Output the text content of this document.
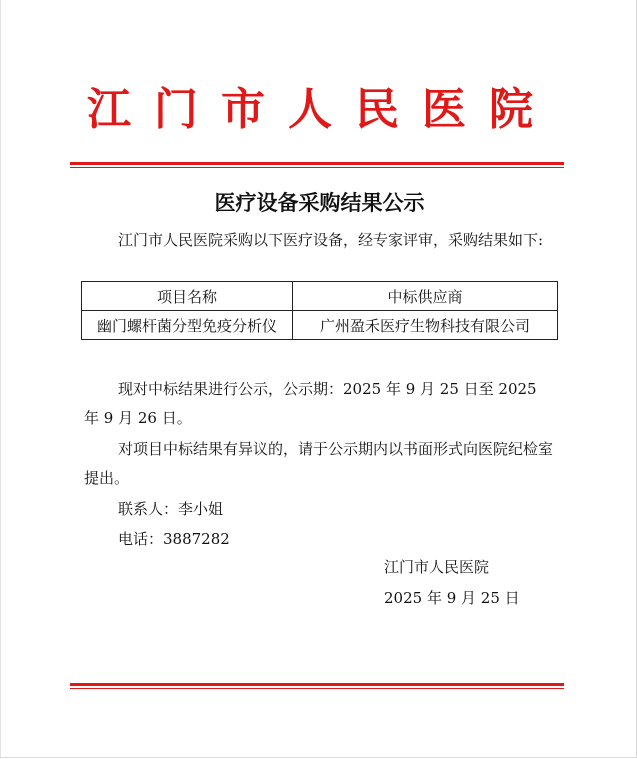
江门市人民医院
医疗设备采购结果公示
江门市人民医院采购以下医疗设备，经专家评审，采购结果如下:
项目名称	中标供应商
幽门螺杆菌分型免疫分析仪	广州盈禾医疗生物科技有限公司
现对中标结果进行公示，公示期：2025 年 9 月 25 日至 2025 年 9 月 26 日。
对项目中标结果有异议的，请于公示期内以书面形式向医院纪检室提出。
联系人：李小姐
电话：3887282
江门市人民医院
2025 年 9 月 25 日
